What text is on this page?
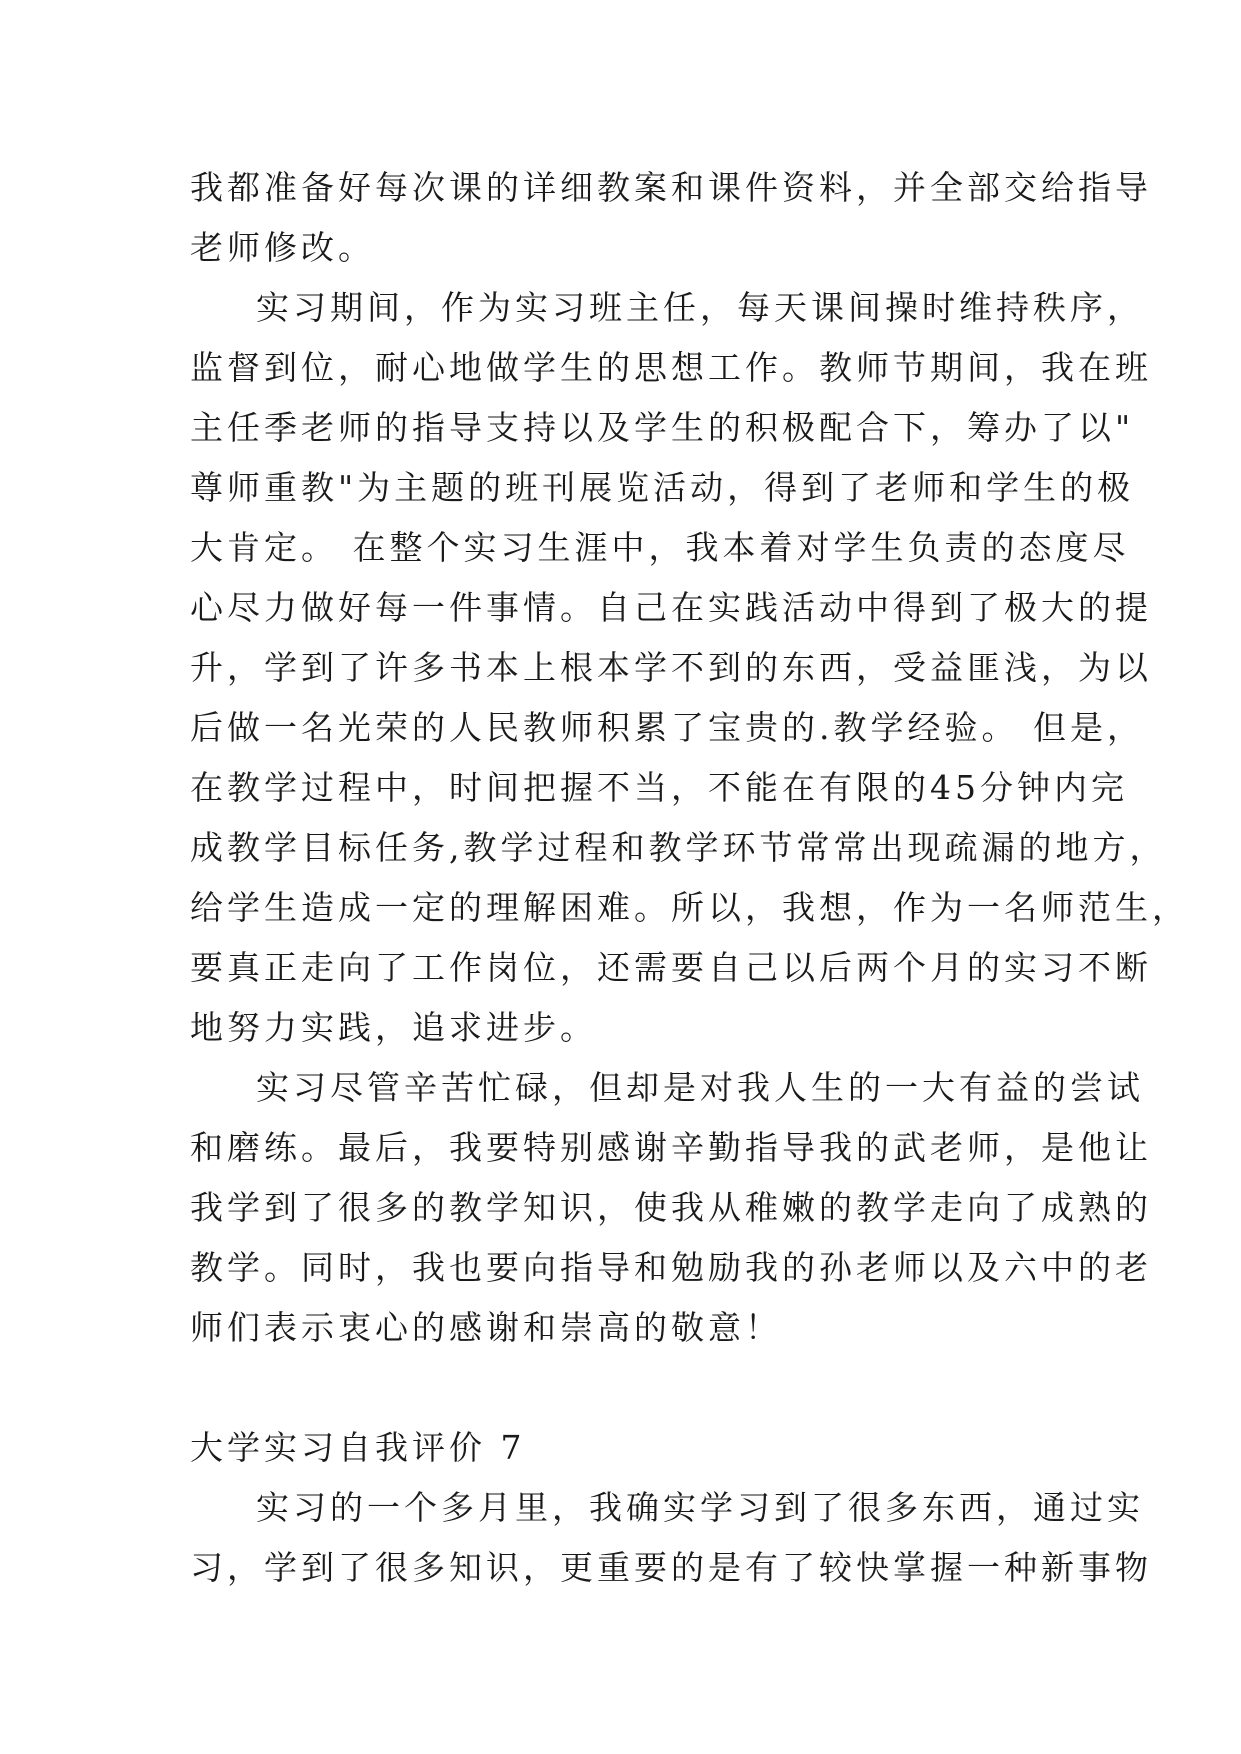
我都准备好每次课的详细教案和课件资料，并全部交给指导
老师修改。
实习期间，作为实习班主任，每天课间操时维持秩序，
监督到位，耐心地做学生的思想工作。教师节期间，我在班
主任季老师的指导支持以及学生的积极配合下，筹办了以"
尊师重教"为主题的班刊展览活动，得到了老师和学生的极
大肯定。 在整个实习生涯中，我本着对学生负责的态度尽
心尽力做好每一件事情。自己在实践活动中得到了极大的提
升，学到了许多书本上根本学不到的东西，受益匪浅，为以
后做一名光荣的人民教师积累了宝贵的.教学经验。 但是，
在教学过程中，时间把握不当，不能在有限的45分钟内完
成教学目标任务,教学过程和教学环节常常出现疏漏的地方，
给学生造成一定的理解困难。所以，我想，作为一名师范生，
要真正走向了工作岗位，还需要自己以后两个月的实习不断
地努力实践，追求进步。
实习尽管辛苦忙碌，但却是对我人生的一大有益的尝试
和磨练。最后，我要特别感谢辛勤指导我的武老师，是他让
我学到了很多的教学知识，使我从稚嫩的教学走向了成熟的
教学。同时，我也要向指导和勉励我的孙老师以及六中的老
师们表示衷心的感谢和崇高的敬意！
大学实习自我评价 7
实习的一个多月里，我确实学习到了很多东西，通过实
习，学到了很多知识，更重要的是有了较快掌握一种新事物
